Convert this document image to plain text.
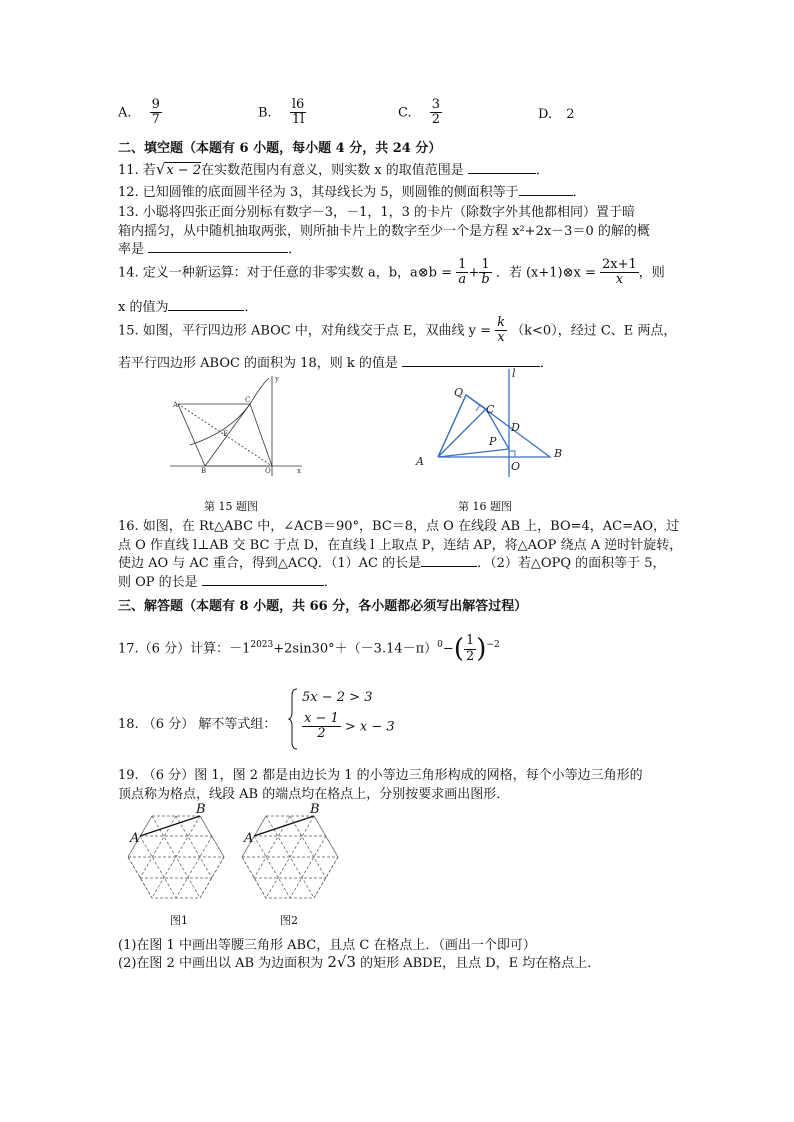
A. $\frac{9}{7}$	B. $\frac{l6}{1l}$	C. $\frac{3}{2}$	D. 2
二、填空题（本题有 6 小题，每小题 4 分，共 24 分）
11. 若√x − 2在实数范围内有意义，则实数 x 的取值范围是	．
12. 已知圆锥的底面圆半径为 3，其母线长为 5，则圆锥的侧面积等于	．
13. 小聪将四张正面分别标有数字－3，－1，1，3 的卡片（除数字外其他都相同）置于暗
箱内摇匀，从中随机抽取两张，则所抽卡片上的数字至少一个是方程 x²+2x－3＝0 的解的概
率是	．
14. 定义一种新运算：对于任意的非零实数 a，b，a⊗b = $\frac{1}{a} + \frac{1}{b}$ ．若 (x+1)⊗x = $\frac{2x+1}{x}$ ，则
x 的值为	．
15. 如图，平行四边形 ABOC 中，对角线交于点 E，双曲线 $y = \frac{k}{x} (k<0)$，经过 C、E 两点，
若平行四边形 ABOC 的面积为 18，则 k 的值是	．
A
C
E
B	O
y
x
第 15 题图
l
Q
C
D
P
A	O
B
第 16 题图
16. 如图，在 Rt△ABC 中，∠ACB＝90°，BC＝8，点 O 在线段 AB 上，BO=4，AC=AO，过
点 O 作直线 l⊥AB 交 BC 于点 D，在直线 l 上取点 P，连结 AP，将△AOP 绕点 A 逆时针旋转，
使边 AO 与 AC 重合，得到△ACQ．（1）AC 的长是	．（2）若△OPQ 的面积等于 5，
则 OP 的长是	．
三、解答题（本题有 8 小题，共 66 分，各小题都必须写出解答过程）
17.（6 分）计算：$-1^{2023}+2\sin 30^\circ+(-3.14-\pi)^0-( \frac{1}{2} )^{-2}$
18. （6 分） 解不等式组：
5x − 2 > 3
$\frac{x - 1}{2} > x - 3$
19. （6 分）图 1，图 2 都是由边长为 1 的小等边三角形构成的网格，每个小等边三角形的
顶点称为格点，线段 AB 的端点均在格点上，分别按要求画出图形．
A
B
图1
A
B
图2
(1)在图 1 中画出等腰三角形 ABC，且点 C 在格点上．（画出一个即可）
(2)在图 2 中画出以 AB 为边面积为 2√3 的矩形 ABDE，且点 D，E 均在格点上．
